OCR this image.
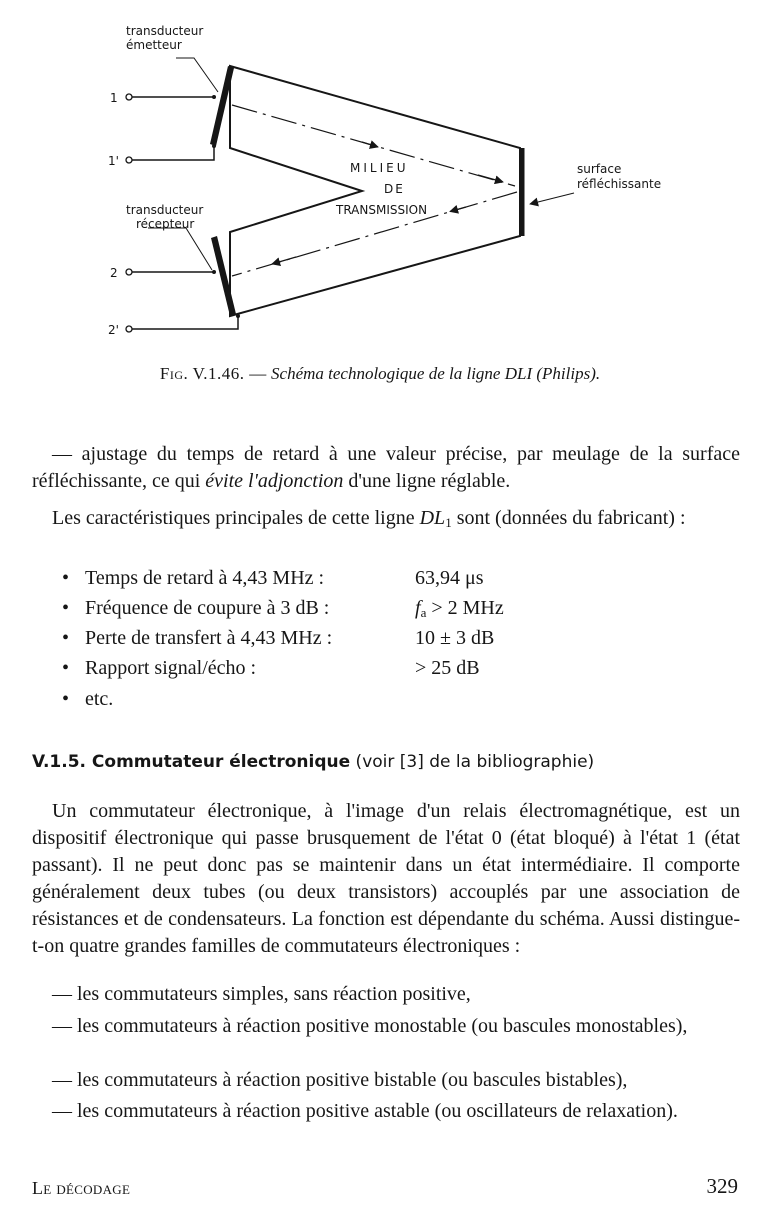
transducteur
émetteur
1
1'
transducteur
récepteur
2
2'
MILIEU
DE
TRANSMISSION
surface
réfléchissante
Fig. V.1.46. — Schéma technologique de la ligne DLI (Philips).

— ajustage du temps de retard à une valeur précise, par meulage de la surface réfléchissante, ce qui évite l'adjonction d'une ligne réglable.

Les caractéristiques principales de cette ligne $DL_1$ sont (données du fabricant) :

• Temps de retard à 4,43 MHz :	63,94 μs
• Fréquence de coupure à 3 dB :	$f_a > 2$ MHz
• Perte de transfert à 4,43 MHz :	10 ± 3 dB
• Rapport signal/écho :	> 25 dB
• etc.
V.1.5. Commutateur électronique (voir [3] de la bibliographie)

Un commutateur électronique, à l'image d'un relais électromagnétique, est un dispositif électronique qui passe brusquement de l'état 0 (état bloqué) à l'état 1 (état passant). Il ne peut donc pas se maintenir dans un état intermédiaire. Il comporte généralement deux tubes (ou deux transistors) accouplés par une association de résistances et de condensateurs. La fonction est dépendante du schéma. Aussi distingue-t-on quatre grandes familles de commutateurs électroniques :

— les commutateurs simples, sans réaction positive,

— les commutateurs à réaction positive monostable (ou bascules monostables),

— les commutateurs à réaction positive bistable (ou bascules bistables),

— les commutateurs à réaction positive astable (ou oscillateurs de relaxation).

Le décodage	329
